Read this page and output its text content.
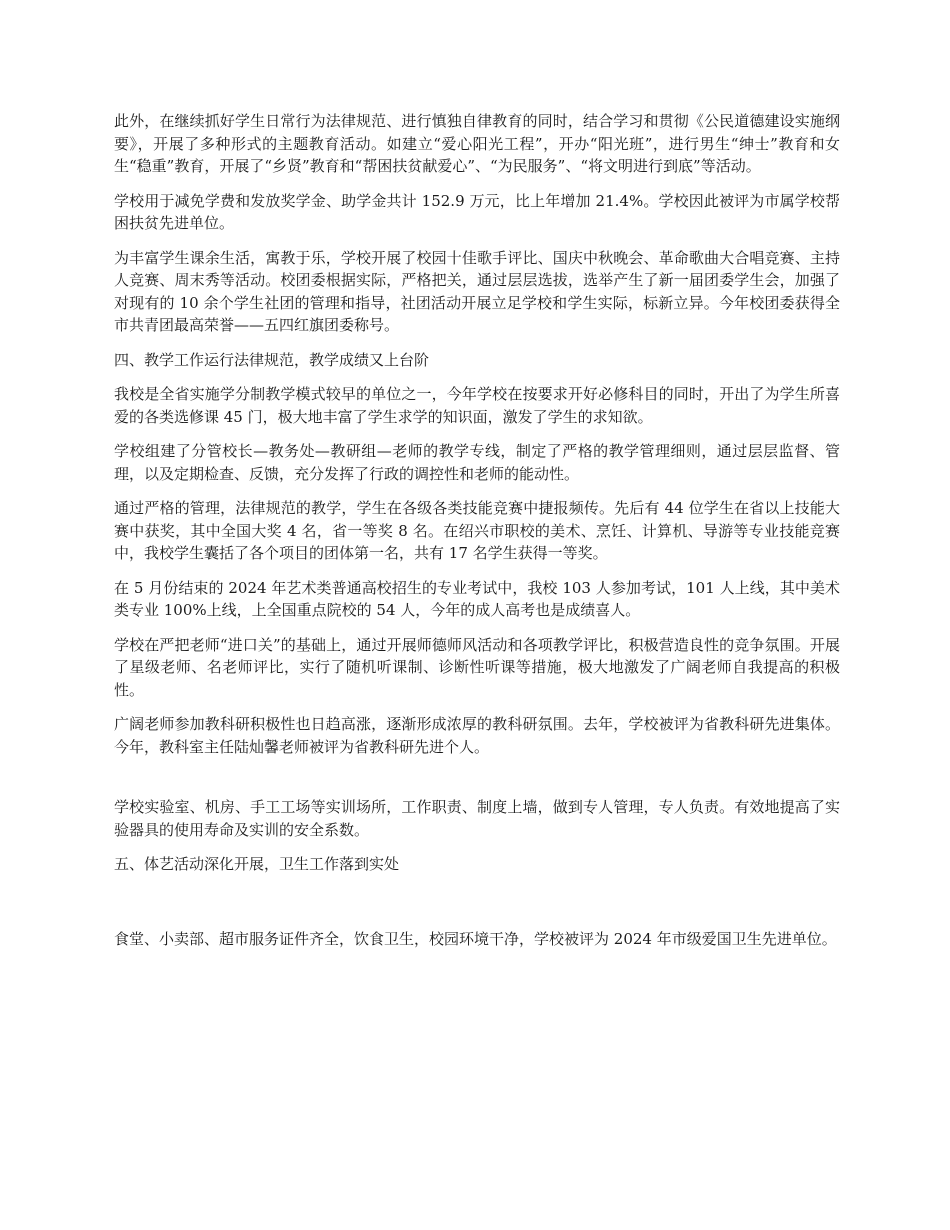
此外，在继续抓好学生日常行为法律规范、进行慎独自律教育的同时，结合学习和贯彻《公民道德建设实施纲要》，开展了多种形式的主题教育活动。如建立“爱心阳光工程”，开办“阳光班”，进行男生“绅士”教育和女生“稳重”教育，开展了“乡贤”教育和“帮困扶贫献爱心”、“为民服务”、“将文明进行到底”等活动。

学校用于减免学费和发放奖学金、助学金共计 152.9 万元，比上年增加 21.4%。学校因此被评为市属学校帮困扶贫先进单位。

为丰富学生课余生活，寓教于乐，学校开展了校园十佳歌手评比、国庆中秋晚会、革命歌曲大合唱竞赛、主持人竞赛、周末秀等活动。校团委根据实际，严格把关，通过层层选拔，选举产生了新一届团委学生会，加强了对现有的 10 余个学生社团的管理和指导，社团活动开展立足学校和学生实际，标新立异。今年校团委获得全市共青团最高荣誉——五四红旗团委称号。

四、教学工作运行法律规范，教学成绩又上台阶

我校是全省实施学分制教学模式较早的单位之一，今年学校在按要求开好必修科目的同时，开出了为学生所喜爱的各类选修课 45 门，极大地丰富了学生求学的知识面，激发了学生的求知欲。

学校组建了分管校长—教务处—教研组—老师的教学专线，制定了严格的教学管理细则，通过层层监督、管理，以及定期检查、反馈，充分发挥了行政的调控性和老师的能动性。

通过严格的管理，法律规范的教学，学生在各级各类技能竞赛中捷报频传。先后有 44 位学生在省以上技能大赛中获奖，其中全国大奖 4 名，省一等奖 8 名。在绍兴市职校的美术、烹饪、计算机、导游等专业技能竞赛中，我校学生囊括了各个项目的团体第一名，共有 17 名学生获得一等奖。

在 5 月份结束的 2024 年艺术类普通高校招生的专业考试中，我校 103 人参加考试，101 人上线，其中美术类专业 100%上线，上全国重点院校的 54 人，今年的成人高考也是成绩喜人。

学校在严把老师“进口关”的基础上，通过开展师德师风活动和各项教学评比，积极营造良性的竞争氛围。开展了星级老师、名老师评比，实行了随机听课制、诊断性听课等措施，极大地激发了广阔老师自我提高的积极性。

广阔老师参加教科研积极性也日趋高涨，逐渐形成浓厚的教科研氛围。去年，学校被评为省教科研先进集体。今年，教科室主任陆灿馨老师被评为省教科研先进个人。

学校实验室、机房、手工工场等实训场所，工作职责、制度上墙，做到专人管理，专人负责。有效地提高了实验器具的使用寿命及实训的安全系数。

五、体艺活动深化开展，卫生工作落到实处

食堂、小卖部、超市服务证件齐全，饮食卫生，校园环境干净，学校被评为 2024 年市级爱国卫生先进单位。
